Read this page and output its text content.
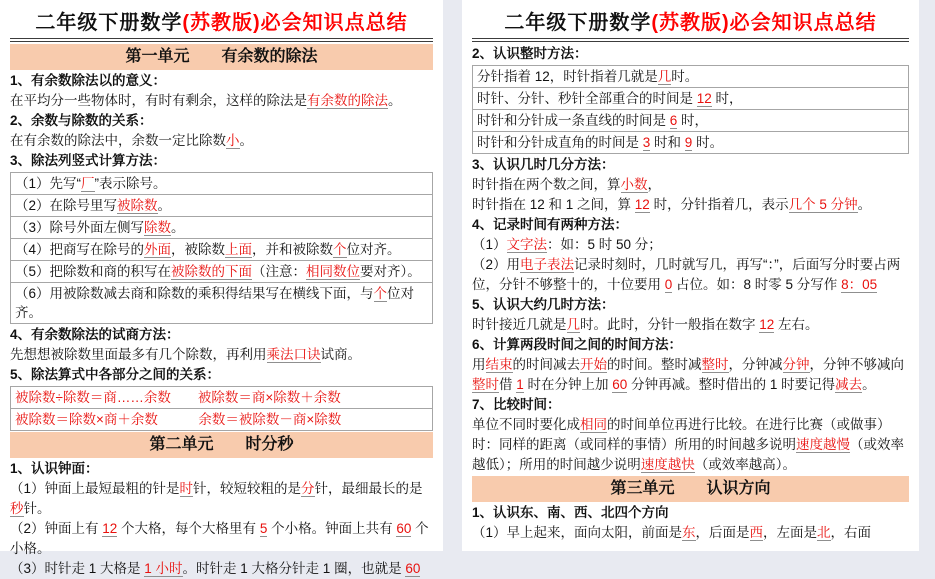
二年级下册数学(苏教版)必会知识点总结
第一单元　　有余数的除法
1、有余数除法以的意义：
在平均分一些物体时，有时有剩余，这样的除法是有余数的除法。
2、余数与除数的关系：
在有余数的除法中，余数一定比除数小。
3、除法列竖式计算方法：
（1）先写“厂”表示除号。
（2）在除号里写被除数。
（3）除号外面左侧写除数。
（4）把商写在除号的外面，被除数上面，并和被除数个位对齐。
（5）把除数和商的积写在被除数的下面（注意：相同数位要对齐）。
（6）用被除数减去商和除数的乘积得结果写在横线下面，与个位对齐。
4、有余数除法的试商方法：
先想想被除数里面最多有几个除数，再利用乘法口诀试商。
5、除法算式中各部分之间的关系：
被除数÷除数＝商……余数　　被除数＝商×除数＋余数
被除数＝除数×商＋余数　　　余数＝被除数－商×除数
第二单元　　时分秒
1、认识钟面：
（1）钟面上最短最粗的针是时针，较短较粗的是分针，最细最长的是秒针。
（2）钟面上有 12 个大格，每个大格里有 5 个小格。钟面上共有 60 个小格。
（3）时针走 1 大格是 1 小时。时针走 1 大格分针走 1 圈，也就是 60
二年级下册数学(苏教版)必会知识点总结
2、认识整时方法：
分针指着 12，时针指着几就是几时。
时针、分针、秒针全部重合的时间是 12 时，
时针和分针成一条直线的时间是 6 时，
时针和分针成直角的时间是 3 时和 9 时。
3、认识几时几分方法：
时针指在两个数之间，算小数，
时针指在 12 和 1 之间，算 12 时，分针指着几，表示几个 5 分钟。
4、记录时间有两种方法：
（1）文字法：如：5 时 50 分；
（2）用电子表法记录时刻时，几时就写几，再写“：”，后面写分时要占两位，分针不够整十的，十位要用 0 占位。如：8 时零 5 分写作 8：05
5、认识大约几时方法：
时针接近几就是几时。此时，分针一般指在数字 12 左右。
6、计算两段时间之间的时间方法：
用结束的时间减去开始的时间。整时减整时，分钟减分钟，分钟不够减向整时借 1 时在分钟上加 60 分钟再减。整时借出的 1 时要记得减去。
7、比较时间：
单位不同时要化成相同的时间单位再进行比较。在进行比赛（或做事）时：同样的距离（或同样的事情）所用的时间越多说明速度越慢（或效率越低）；所用的时间越少说明速度越快（或效率越高）。
第三单元　　认识方向
1、认识东、南、西、北四个方向
（1）早上起来，面向太阳，前面是东，后面是西，左面是北，右面
